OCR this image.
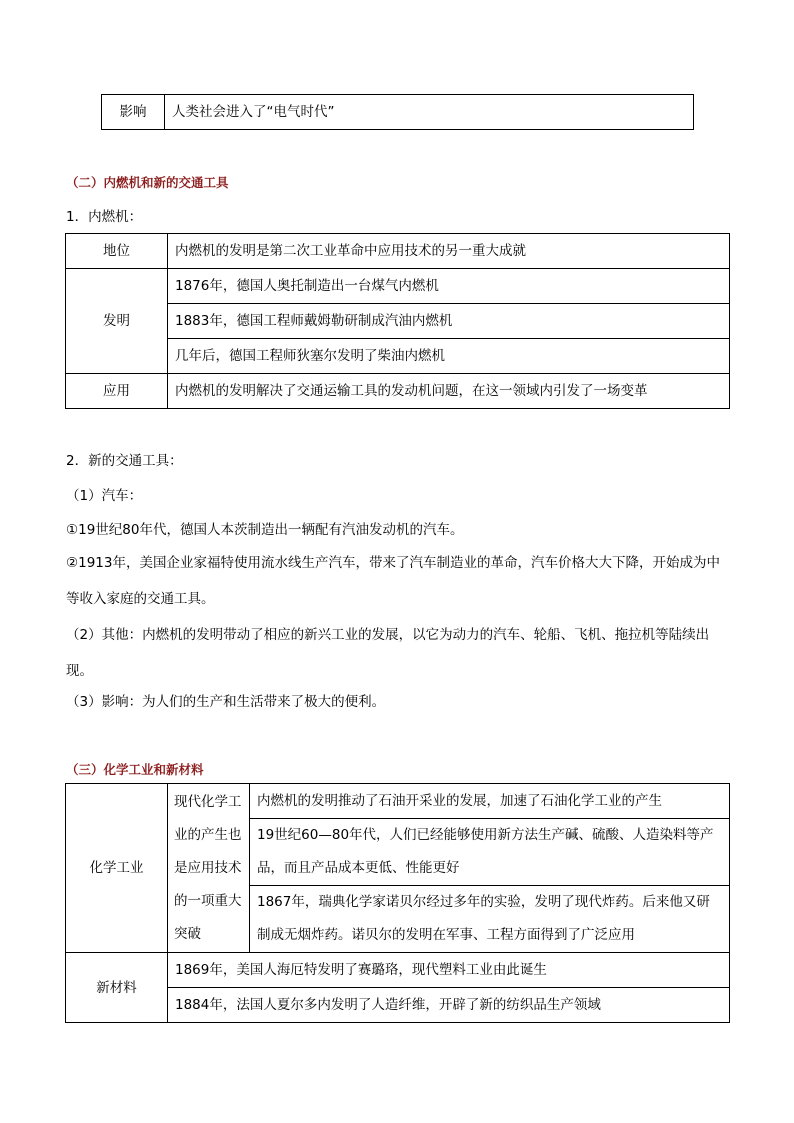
影响	人类社会进入了“电气时代”
（二）内燃机和新的交通工具
1．内燃机：
地位	内燃机的发明是第二次工业革命中应用技术的另一重大成就
发明	1876年，德国人奥托制造出一台煤气内燃机
	1883年，德国工程师戴姆勒研制成汽油内燃机
	几年后，德国工程师狄塞尔发明了柴油内燃机
应用	内燃机的发明解决了交通运输工具的发动机问题，在这一领域内引发了一场变革
2．新的交通工具：
（1）汽车：
①19世纪80年代，德国人本茨制造出一辆配有汽油发动机的汽车。
②1913年，美国企业家福特使用流水线生产汽车，带来了汽车制造业的革命，汽车价格大大下降，开始成为中等收入家庭的交通工具。
（2）其他：内燃机的发明带动了相应的新兴工业的发展，以它为动力的汽车、轮船、飞机、拖拉机等陆续出现。
（3）影响：为人们的生产和生活带来了极大的便利。
（三）化学工业和新材料
化学工业	现代化学工业的产生也是应用技术的一项重大突破	内燃机的发明推动了石油开采业的发展，加速了石油化学工业的产生
		19世纪60—80年代，人们已经能够使用新方法生产碱、硫酸、人造染料等产品，而且产品成本更低、性能更好
		1867年，瑞典化学家诺贝尔经过多年的实验，发明了现代炸药。后来他又研制成无烟炸药。诺贝尔的发明在军事、工程方面得到了广泛应用
新材料	1869年，美国人海厄特发明了赛璐珞，现代塑料工业由此诞生	
	1884年，法国人夏尔多内发明了人造纤维，开辟了新的纺织品生产领域	
